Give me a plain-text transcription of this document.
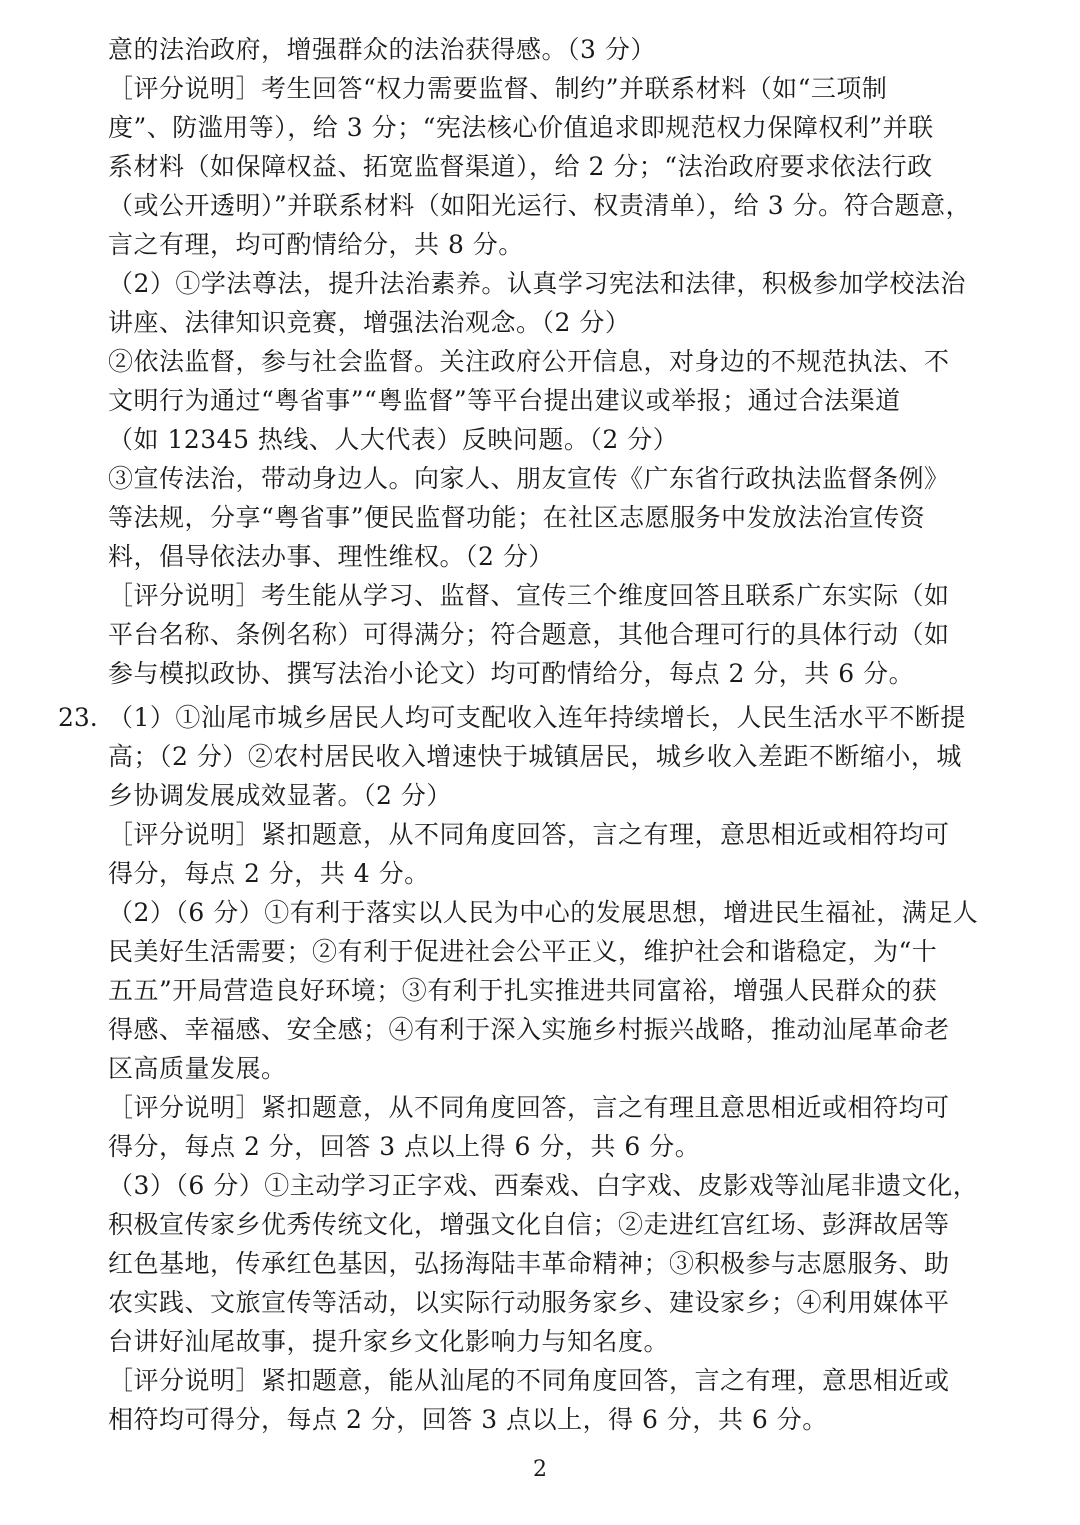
意的法治政府，增强群众的法治获得感。（3 分）
［评分说明］考生回答“权力需要监督、制约”并联系材料（如“三项制
度”、防滥用等），给 3 分；“宪法核心价值追求即规范权力保障权利”并联
系材料（如保障权益、拓宽监督渠道），给 2 分；“法治政府要求依法行政
（或公开透明）”并联系材料（如阳光运行、权责清单），给 3 分。符合题意，
言之有理，均可酌情给分，共 8 分。
（2）①学法尊法，提升法治素养。认真学习宪法和法律，积极参加学校法治
讲座、法律知识竞赛，增强法治观念。（2 分）
②依法监督，参与社会监督。关注政府公开信息，对身边的不规范执法、不
文明行为通过“粤省事”“粤监督”等平台提出建议或举报；通过合法渠道
（如 12345 热线、人大代表）反映问题。（2 分）
③宣传法治，带动身边人。向家人、朋友宣传《广东省行政执法监督条例》
等法规，分享“粤省事”便民监督功能；在社区志愿服务中发放法治宣传资
料，倡导依法办事、理性维权。（2 分）
［评分说明］考生能从学习、监督、宣传三个维度回答且联系广东实际（如
平台名称、条例名称）可得满分；符合题意，其他合理可行的具体行动（如
参与模拟政协、撰写法治小论文）均可酌情给分，每点 2 分，共 6 分。
23. （1）①汕尾市城乡居民人均可支配收入连年持续增长，人民生活水平不断提
高；（2 分）②农村居民收入增速快于城镇居民，城乡收入差距不断缩小，城
乡协调发展成效显著。（2 分）
［评分说明］紧扣题意，从不同角度回答，言之有理，意思相近或相符均可
得分，每点 2 分，共 4 分。
（2）（6 分）①有利于落实以人民为中心的发展思想，增进民生福祉，满足人
民美好生活需要；②有利于促进社会公平正义，维护社会和谐稳定，为“十
五五”开局营造良好环境；③有利于扎实推进共同富裕，增强人民群众的获
得感、幸福感、安全感；④有利于深入实施乡村振兴战略，推动汕尾革命老
区高质量发展。
［评分说明］紧扣题意，从不同角度回答，言之有理且意思相近或相符均可
得分，每点 2 分，回答 3 点以上得 6 分，共 6 分。
（3）（6 分）①主动学习正字戏、西秦戏、白字戏、皮影戏等汕尾非遗文化，
积极宣传家乡优秀传统文化，增强文化自信；②走进红宫红场、彭湃故居等
红色基地，传承红色基因，弘扬海陆丰革命精神；③积极参与志愿服务、助
农实践、文旅宣传等活动，以实际行动服务家乡、建设家乡；④利用媒体平
台讲好汕尾故事，提升家乡文化影响力与知名度。
［评分说明］紧扣题意，能从汕尾的不同角度回答，言之有理，意思相近或
相符均可得分，每点 2 分，回答 3 点以上，得 6 分，共 6 分。
2
